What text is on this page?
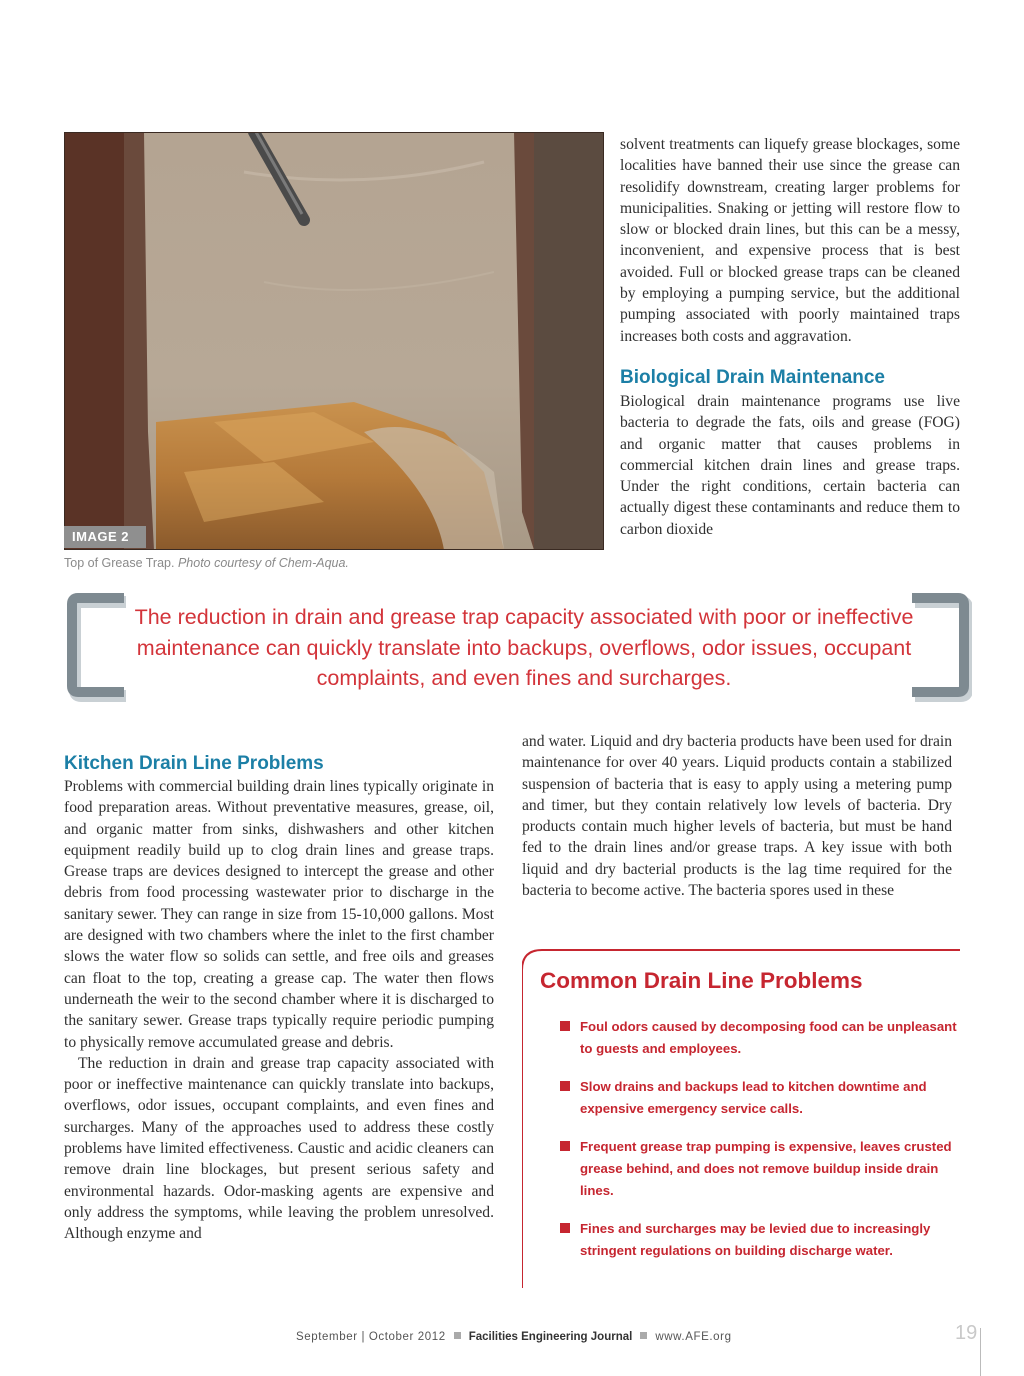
IMAGE 2
Top of Grease Trap. Photo courtesy of Chem-Aqua.

solvent treatments can liquefy grease blockages, some localities have banned their use since the grease can resolidify downstream, creating larger problems for municipalities. Snaking or jetting will restore flow to slow or blocked drain lines, but this can be a messy, inconvenient, and expensive process that is best avoided. Full or blocked grease traps can be cleaned by employing a pumping service, but the additional pumping associated with poorly maintained traps increases both costs and aggravation.

Biological Drain Maintenance

Biological drain maintenance programs use live bacteria to degrade the fats, oils and grease (FOG) and organic matter that causes problems in commercial kitchen drain lines and grease traps. Under the right conditions, certain bacteria can actually digest these contaminants and reduce them to carbon dioxide

The reduction in drain and grease trap capacity associated with poor or ineffective maintenance can quickly translate into backups, overflows, odor issues, occupant complaints, and even fines and surcharges.
Kitchen Drain Line Problems

Problems with commercial building drain lines typically originate in food preparation areas. Without preventative measures, grease, oil, and organic matter from sinks, dishwashers and other kitchen equipment readily build up to clog drain lines and grease traps. Grease traps are devices designed to intercept the grease and other debris from food processing wastewater prior to discharge in the sanitary sewer. They can range in size from 15-10,000 gallons. Most are designed with two chambers where the inlet to the first chamber slows the water flow so solids can settle, and free oils and greases can float to the top, creating a grease cap. The water then flows underneath the weir to the second chamber where it is discharged to the sanitary sewer. Grease traps typically require periodic pumping to physically remove accumulated grease and debris.

The reduction in drain and grease trap capacity associated with poor or ineffective maintenance can quickly translate into backups, overflows, odor issues, occupant complaints, and even fines and surcharges. Many of the approaches used to address these costly problems have limited effectiveness. Caustic and acidic cleaners can remove drain line blockages, but present serious safety and environmental hazards. Odor-masking agents are expensive and only address the symptoms, while leaving the problem unresolved. Although enzyme and

and water. Liquid and dry bacteria products have been used for drain maintenance for over 40 years. Liquid products contain a stabilized suspension of bacteria that is easy to apply using a metering pump and timer, but they contain relatively low levels of bacteria. Dry products contain much higher levels of bacteria, but must be hand fed to the drain lines and/or grease traps. A key issue with both liquid and dry bacterial products is the lag time required for the bacteria to become active. The bacteria spores used in these

Common Drain Line Problems
Foul odors caused by decomposing food can be unpleasant to guests and employees.
Slow drains and backups lead to kitchen downtime and expensive emergency service calls.
Frequent grease trap pumping is expensive, leaves crusted grease behind, and does not remove buildup inside drain lines.
Fines and surcharges may be levied due to increasingly stringent regulations on building discharge water.
September | October 2012 Facilities Engineering Journal www.AFE.org	19
